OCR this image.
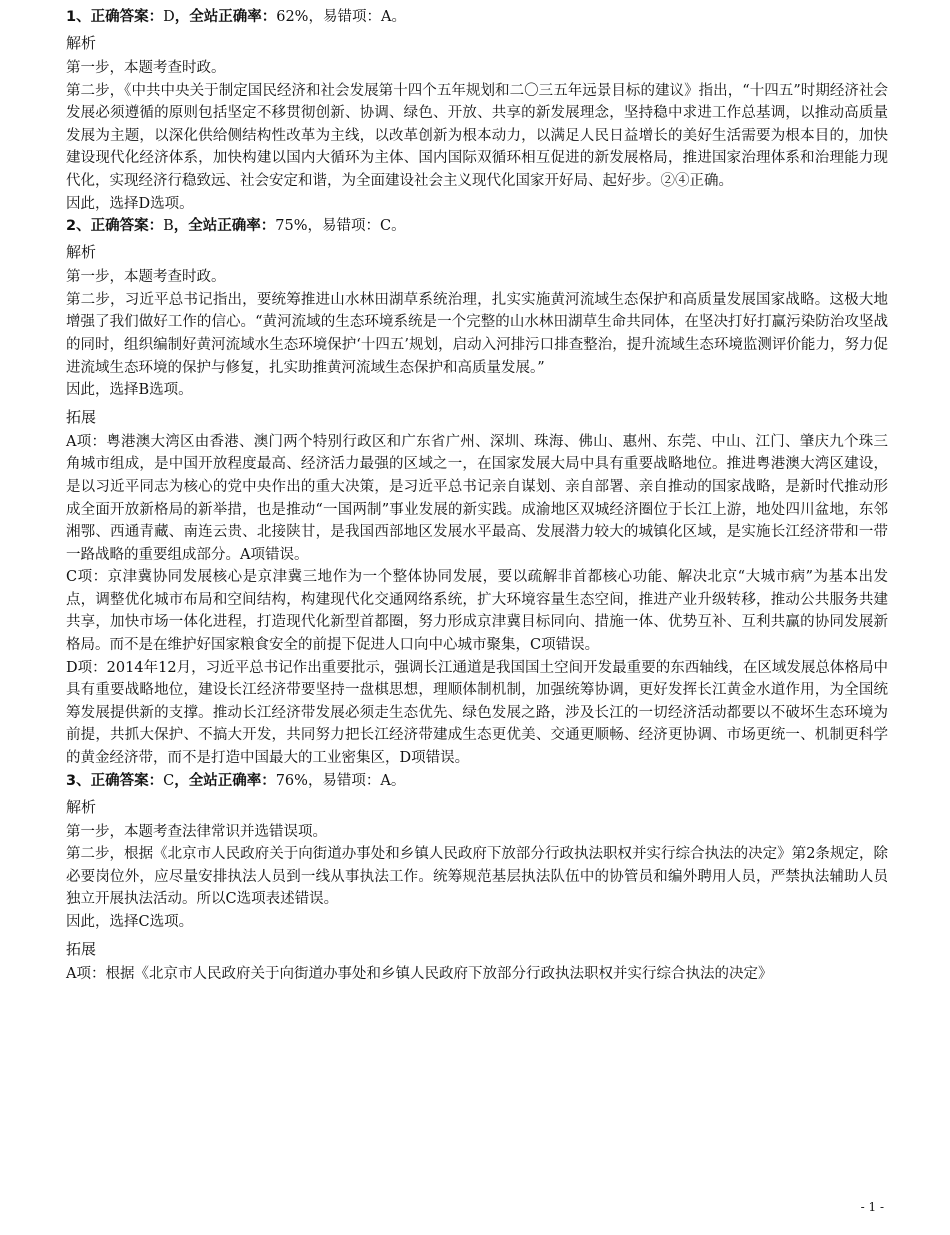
1、正确答案：D，全站正确率：62%，易错项：A。

解析

第一步，本题考查时政。

第二步，《中共中央关于制定国民经济和社会发展第十四个五年规划和二〇三五年远景目标的建议》指出，“十四五”时期经济社会发展必须遵循的原则包括坚定不移贯彻创新、协调、绿色、开放、共享的新发展理念，坚持稳中求进工作总基调，以推动高质量发展为主题，以深化供给侧结构性改革为主线，以改革创新为根本动力，以满足人民日益增长的美好生活需要为根本目的，加快建设现代化经济体系，加快构建以国内大循环为主体、国内国际双循环相互促进的新发展格局，推进国家治理体系和治理能力现代化，实现经济行稳致远、社会安定和谐，为全面建设社会主义现代化国家开好局、起好步。②④正确。

因此，选择D选项。

2、正确答案：B，全站正确率：75%，易错项：C。

解析

第一步，本题考查时政。

第二步，习近平总书记指出，要统筹推进山水林田湖草系统治理，扎实实施黄河流域生态保护和高质量发展国家战略。这极大地增强了我们做好工作的信心。“黄河流域的生态环境系统是一个完整的山水林田湖草生命共同体，在坚决打好打赢污染防治攻坚战的同时，组织编制好黄河流域水生态环境保护‘十四五’规划，启动入河排污口排查整治，提升流域生态环境监测评价能力，努力促进流域生态环境的保护与修复，扎实助推黄河流域生态保护和高质量发展。”

因此，选择B选项。

拓展

A项：粤港澳大湾区由香港、澳门两个特别行政区和广东省广州、深圳、珠海、佛山、惠州、东莞、中山、江门、肇庆九个珠三角城市组成，是中国开放程度最高、经济活力最强的区域之一，在国家发展大局中具有重要战略地位。推进粤港澳大湾区建设，是以习近平同志为核心的党中央作出的重大决策，是习近平总书记亲自谋划、亲自部署、亲自推动的国家战略，是新时代推动形成全面开放新格局的新举措，也是推动“一国两制”事业发展的新实践。成渝地区双城经济圈位于长江上游，地处四川盆地，东邻湘鄂、西通青藏、南连云贵、北接陕甘，是我国西部地区发展水平最高、发展潜力较大的城镇化区域，是实施长江经济带和一带一路战略的重要组成部分。A项错误。

C项：京津冀协同发展核心是京津冀三地作为一个整体协同发展，要以疏解非首都核心功能、解决北京“大城市病”为基本出发点，调整优化城市布局和空间结构，构建现代化交通网络系统，扩大环境容量生态空间，推进产业升级转移，推动公共服务共建共享，加快市场一体化进程，打造现代化新型首都圈，努力形成京津冀目标同向、措施一体、优势互补、互利共赢的协同发展新格局。而不是在维护好国家粮食安全的前提下促进人口向中心城市聚集，C项错误。

D项：2014年12月，习近平总书记作出重要批示，强调长江通道是我国国土空间开发最重要的东西轴线，在区域发展总体格局中具有重要战略地位，建设长江经济带要坚持一盘棋思想，理顺体制机制，加强统筹协调，更好发挥长江黄金水道作用，为全国统筹发展提供新的支撑。推动长江经济带发展必须走生态优先、绿色发展之路，涉及长江的一切经济活动都要以不破坏生态环境为前提，共抓大保护、不搞大开发，共同努力把长江经济带建成生态更优美、交通更顺畅、经济更协调、市场更统一、机制更科学的黄金经济带，而不是打造中国最大的工业密集区，D项错误。

3、正确答案：C，全站正确率：76%，易错项：A。

解析

第一步，本题考查法律常识并选错误项。

第二步，根据《北京市人民政府关于向街道办事处和乡镇人民政府下放部分行政执法职权并实行综合执法的决定》第2条规定，除必要岗位外，应尽量安排执法人员到一线从事执法工作。统筹规范基层执法队伍中的协管员和编外聘用人员，严禁执法辅助人员独立开展执法活动。所以C选项表述错误。

因此，选择C选项。

拓展

A项：根据《北京市人民政府关于向街道办事处和乡镇人民政府下放部分行政执法职权并实行综合执法的决定》

- 1 -
